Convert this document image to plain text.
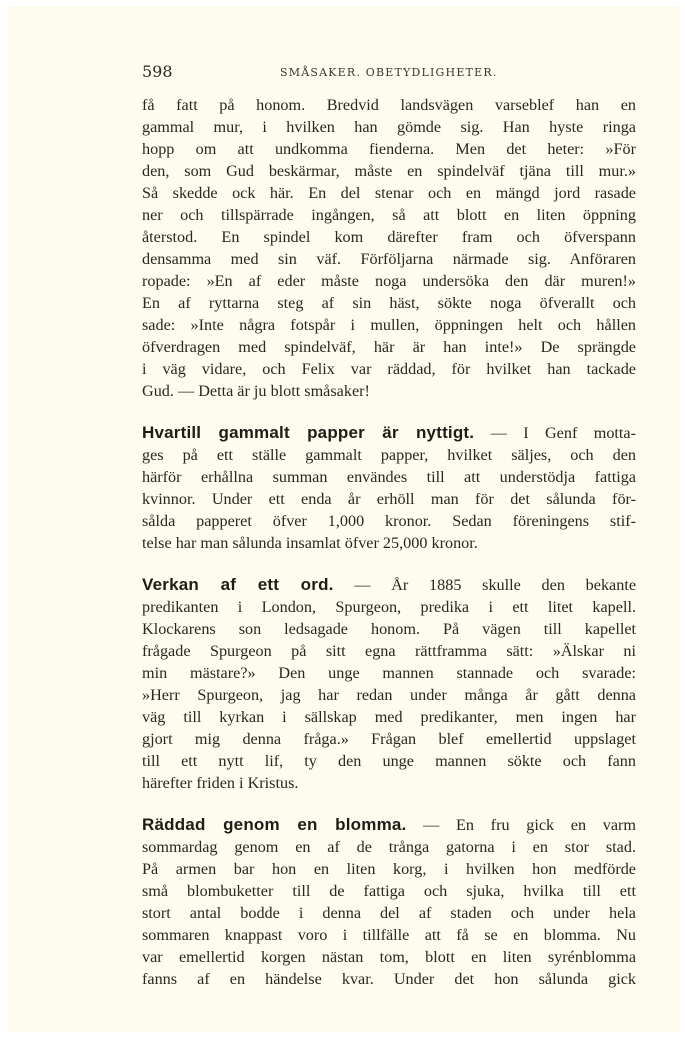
598	SMÅSAKER. OBETYDLIGHETER.
få fatt på honom. Bredvid landsvägen varseblef han en
gammal mur, i hvilken han gömde sig. Han hyste ringa
hopp om att undkomma fienderna. Men det heter: »För
den, som Gud beskärmar, måste en spindelväf tjäna till mur.»
Så skedde ock här. En del stenar och en mängd jord rasade
ner och tillspärrade ingången, så att blott en liten öppning
återstod. En spindel kom därefter fram och öfverspann
densamma med sin väf. Förföljarna närmade sig. Anföraren
ropade: »En af eder måste noga undersöka den där muren!»
En af ryttarna steg af sin häst, sökte noga öfverallt och
sade: »Inte några fotspår i mullen, öppningen helt och hållen
öfverdragen med spindelväf, här är han inte!» De sprängde
i väg vidare, och Felix var räddad, för hvilket han tackade
Gud. — Detta är ju blott småsaker!
Hvartill gammalt papper är nyttigt. — I Genf motta-
ges på ett ställe gammalt papper, hvilket säljes, och den
härför erhållna summan envändes till att understödja fattiga
kvinnor. Under ett enda år erhöll man för det sålunda för-
sålda papperet öfver 1,000 kronor. Sedan föreningens stif-
telse har man sålunda insamlat öfver 25,000 kronor.
Verkan af ett ord. — År 1885 skulle den bekante
predikanten i London, Spurgeon, predika i ett litet kapell.
Klockarens son ledsagade honom. På vägen till kapellet
frågade Spurgeon på sitt egna rättframma sätt: »Älskar ni
min mästare?» Den unge mannen stannade och svarade:
»Herr Spurgeon, jag har redan under många år gått denna
väg till kyrkan i sällskap med predikanter, men ingen har
gjort mig denna fråga.» Frågan blef emellertid uppslaget
till ett nytt lif, ty den unge mannen sökte och fann
härefter friden i Kristus.
Räddad genom en blomma. — En fru gick en varm
sommardag genom en af de trånga gatorna i en stor stad.
På armen bar hon en liten korg, i hvilken hon medförde
små blombuketter till de fattiga och sjuka, hvilka till ett
stort antal bodde i denna del af staden och under hela
sommaren knappast voro i tillfälle att få se en blomma. Nu
var emellertid korgen nästan tom, blott en liten syrénblomma
fanns af en händelse kvar. Under det hon sålunda gick
